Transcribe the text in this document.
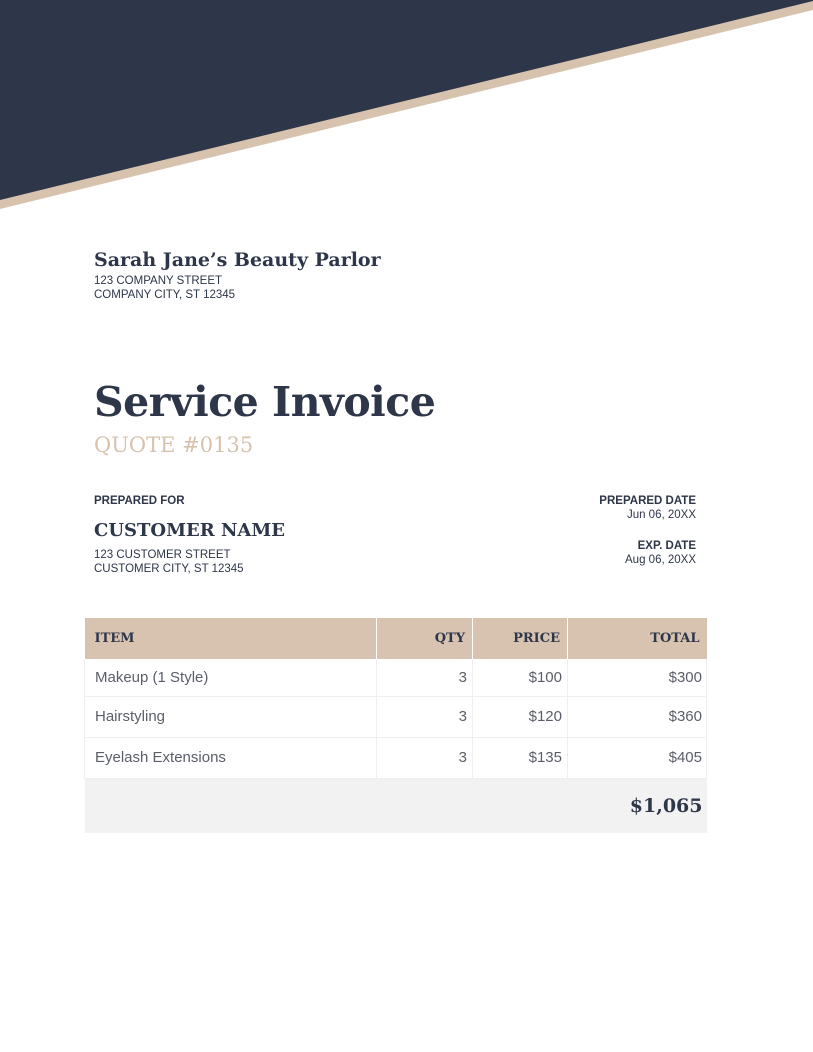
Sarah Jane’s Beauty Parlor
123 COMPANY STREET
COMPANY CITY, ST 12345
Service Invoice
QUOTE #0135
PREPARED FOR
CUSTOMER NAME
123 CUSTOMER STREET
CUSTOMER CITY, ST 12345
PREPARED DATE
Jun 06, 20XX
EXP. DATE
Aug 06, 20XX
ITEM	QTY	PRICE	TOTAL
Makeup (1 Style)	3	$100	$300
Hairstyling	3	$120	$360
Eyelash Extensions	3	$135	$405
$1,065			
